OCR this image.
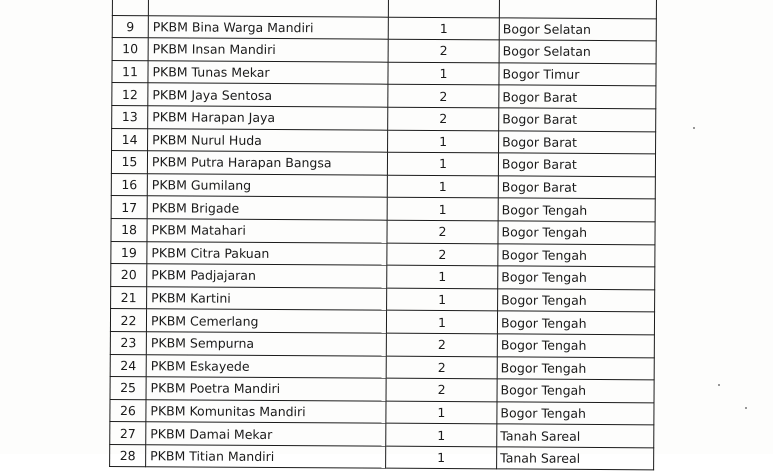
9	PKBM Bina Warga Mandiri	1	Bogor Selatan
10	PKBM Insan Mandiri	2	Bogor Selatan
11	PKBM Tunas Mekar	1	Bogor Timur
12	PKBM Jaya Sentosa	2	Bogor Barat
13	PKBM Harapan Jaya	2	Bogor Barat
14	PKBM Nurul Huda	1	Bogor Barat
15	PKBM Putra Harapan Bangsa	1	Bogor Barat
16	PKBM Gumilang	1	Bogor Barat
17	PKBM Brigade	1	Bogor Tengah
18	PKBM Matahari	2	Bogor Tengah
19	PKBM Citra Pakuan	2	Bogor Tengah
20	PKBM Padjajaran	1	Bogor Tengah
21	PKBM Kartini	1	Bogor Tengah
22	PKBM Cemerlang	1	Bogor Tengah
23	PKBM Sempurna	2	Bogor Tengah
24	PKBM Eskayede	2	Bogor Tengah
25	PKBM Poetra Mandiri	2	Bogor Tengah
26	PKBM Komunitas Mandiri	1	Bogor Tengah
27	PKBM Damai Mekar	1	Tanah Sareal
28	PKBM Titian Mandiri	1	Tanah Sareal
